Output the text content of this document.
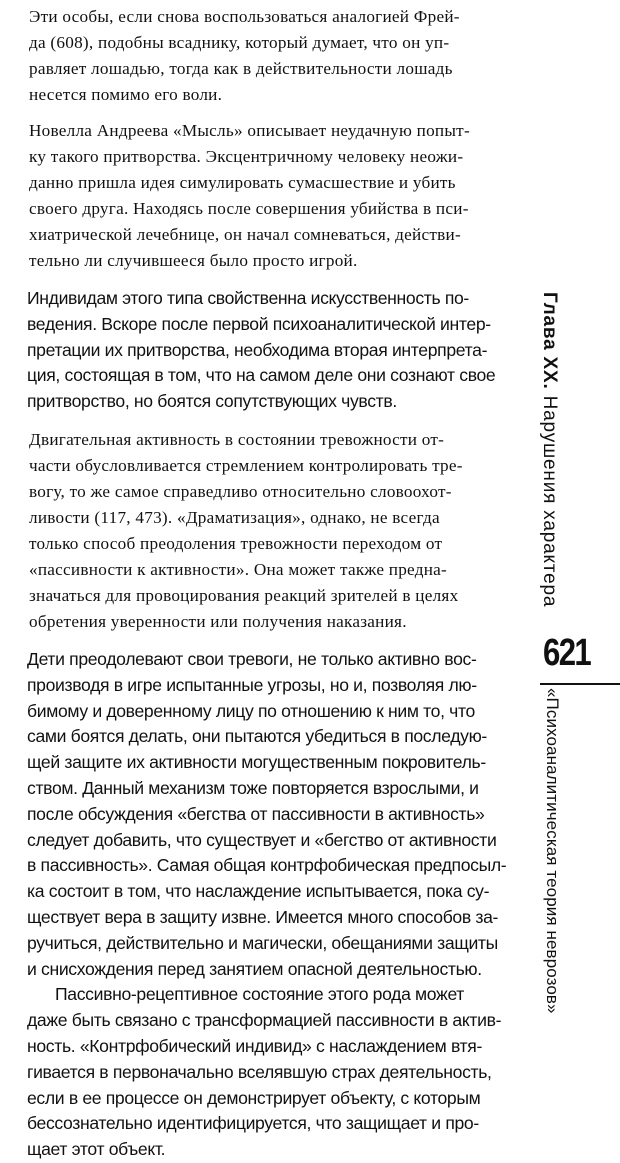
Эти особы, если снова воспользоваться аналогией Фрей-
да (608), подобны всаднику, который думает, что он уп-
равляет лошадью, тогда как в действительности лошадь
несется помимо его воли.

Новелла Андреева «Мысль» описывает неудачную попыт-
ку такого притворства. Эксцентричному человеку неожи-
данно пришла идея симулировать сумасшествие и убить
своего друга. Находясь после совершения убийства в пси-
хиатрической лечебнице, он начал сомневаться, действи-
тельно ли случившееся было просто игрой.

Индивидам этого типа свойственна искусственность по-
ведения. Вскоре после первой психоаналитической интер-
претации их притворства, необходима вторая интерпрета-
ция, состоящая в том, что на самом деле они сознают свое
притворство, но боятся сопутствующих чувств.

Двигательная активность в состоянии тревожности от-
части обусловливается стремлением контролировать тре-
вогу, то же самое справедливо относительно словоохот-
ливости (117, 473). «Драматизация», однако, не всегда
только способ преодоления тревожности переходом от
«пассивности к активности». Она может также предна-
значаться для провоцирования реакций зрителей в целях
обретения уверенности или получения наказания.

Дети преодолевают свои тревоги, не только активно вос-
производя в игре испытанные угрозы, но и, позволяя лю-
бимому и доверенному лицу по отношению к ним то, что
сами боятся делать, они пытаются убедиться в последую-
щей защите их активности могущественным покровитель-
ством. Данный механизм тоже повторяется взрослыми, и
после обсуждения «бегства от пассивности в активность»
следует добавить, что существует и «бегство от активности
в пассивность». Самая общая контрфобическая предпосыл-
ка состоит в том, что наслаждение испытывается, пока су-
ществует вера в защиту извне. Имеется много способов за-
ручиться, действительно и магически, обещаниями защиты
и снисхождения перед занятием опасной деятельностью.

Пассивно-рецептивное состояние этого рода может
даже быть связано с трансформацией пассивности в актив-
ность. «Контрфобический индивид» с наслаждением втя-
гивается в первоначально вселявшую страх деятельность,
если в ее процессе он демонстрирует объекту, с которым
бессознательно идентифицируется, что защищает и про-
щает этот объект.

Глава XX. Нарушения характера
621
«Психоаналитическая теория неврозов»
